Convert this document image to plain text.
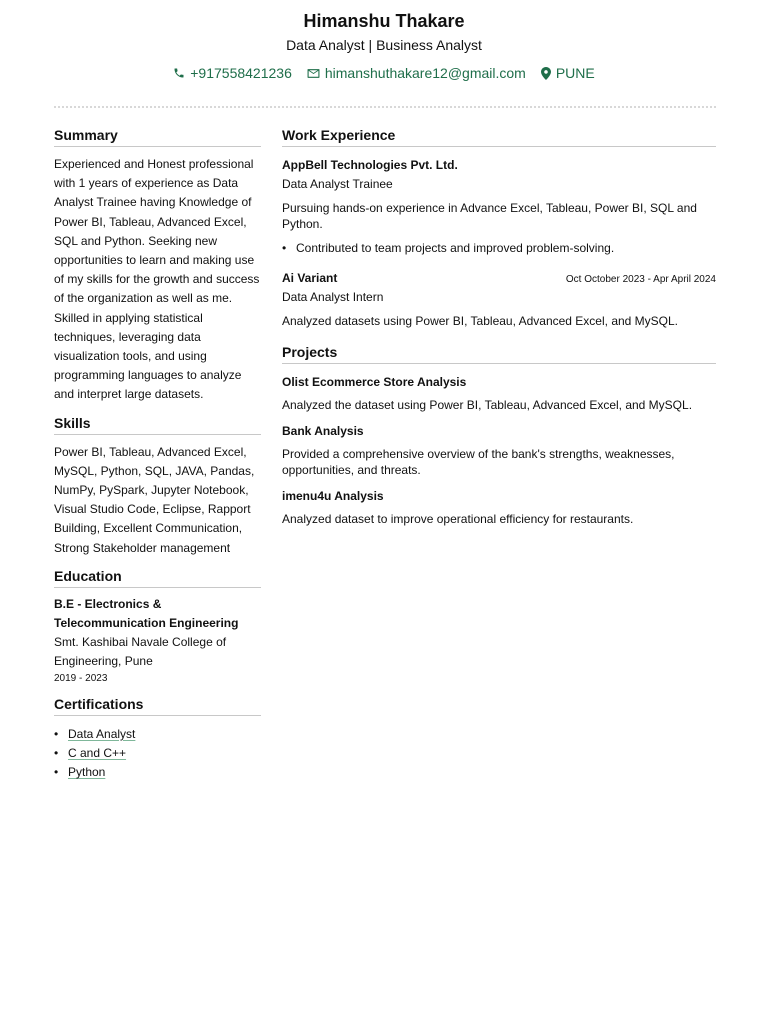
Himanshu Thakare
Data Analyst | Business Analyst
+917558421236 himanshuthakare12@gmail.com PUNE
Summary
Experienced and Honest professional with 1 years of experience as Data Analyst Trainee having Knowledge of Power BI, Tableau, Advanced Excel, SQL and Python. Seeking new opportunities to learn and making use of my skills for the growth and success of the organization as well as me. Skilled in applying statistical techniques, leveraging data visualization tools, and using programming languages to analyze and interpret large datasets.
Skills
Power BI, Tableau, Advanced Excel, MySQL, Python, SQL, JAVA, Pandas, NumPy, PySpark, Jupyter Notebook, Visual Studio Code, Eclipse, Rapport Building, Excellent Communication, Strong Stakeholder management
Education
B.E - Electronics & Telecommunication Engineering
Smt. Kashibai Navale College of Engineering, Pune
2019 - 2023
Certifications
• Data Analyst
• C and C++
• Python
Work Experience
AppBell Technologies Pvt. Ltd.
Data Analyst Trainee
Pursuing hands-on experience in Advance Excel, Tableau, Power BI, SQL and Python.
• Contributed to team projects and improved problem-solving.
Ai Variant	Oct October 2023 - Apr April 2024
Data Analyst Intern
Analyzed datasets using Power BI, Tableau, Advanced Excel, and MySQL.
Projects
Olist Ecommerce Store Analysis
Analyzed the dataset using Power BI, Tableau, Advanced Excel, and MySQL.
Bank Analysis
Provided a comprehensive overview of the bank's strengths, weaknesses, opportunities, and threats.
imenu4u Analysis
Analyzed dataset to improve operational efficiency for restaurants.
